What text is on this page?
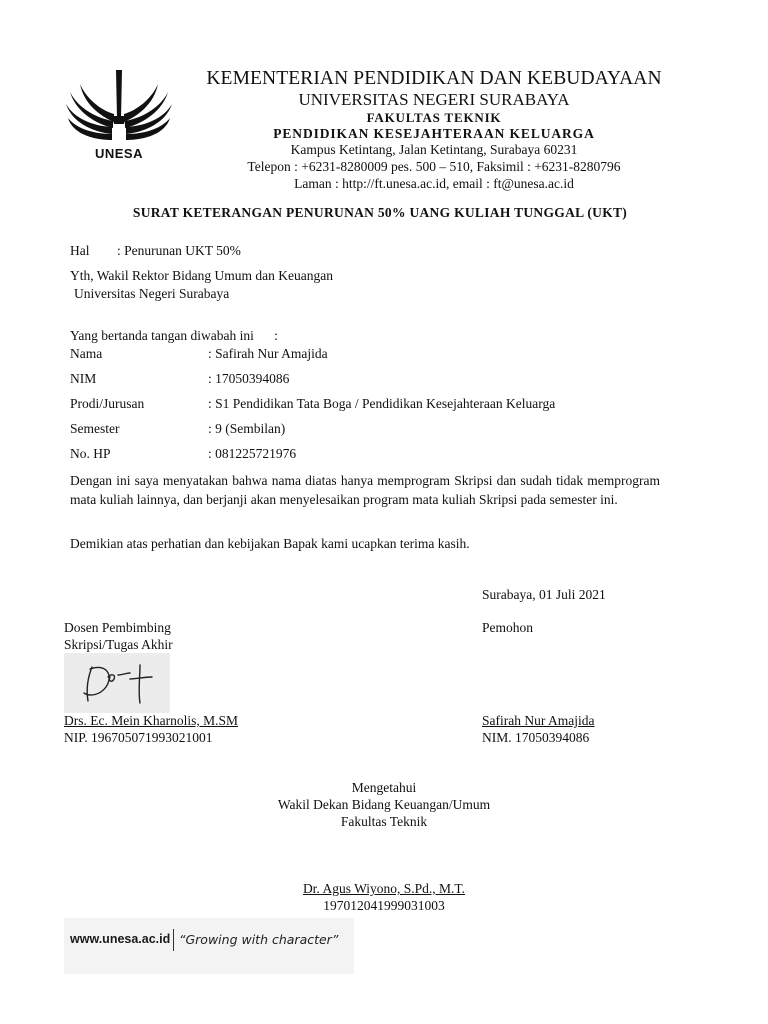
UNESA
KEMENTERIAN PENDIDIKAN DAN KEBUDAYAAN
UNIVERSITAS NEGERI SURABAYA
FAKULTAS TEKNIK
PENDIDIKAN KESEJAHTERAAN KELUARGA
Kampus Ketintang, Jalan Ketintang, Surabaya 60231
Telepon : +6231-8280009 pes. 500 – 510, Faksimil : +6231-8280796
Laman : http://ft.unesa.ac.id, email : ft@unesa.ac.id
SURAT KETERANGAN PENURUNAN 50% UANG KULIAH TUNGGAL (UKT)
Hal : Penurunan UKT 50%
Yth, Wakil Rektor Bidang Umum dan Keuangan
Universitas Negeri Surabaya
Yang bertanda tangan diwabah ini      :
Nama	: Safirah Nur Amajida
NIM	: 17050394086
Prodi/Jurusan	: S1 Pendidikan Tata Boga / Pendidikan Kesejahteraan Keluarga
Semester	: 9 (Sembilan)
No. HP	: 081225721976
Dengan ini saya menyatakan bahwa nama diatas hanya memprogram Skripsi dan sudah tidak memprogram mata kuliah lainnya, dan berjanji akan menyelesaikan program mata kuliah Skripsi pada semester ini.
Demikian atas perhatian dan kebijakan Bapak kami ucapkan terima kasih.
Surabaya, 01 Juli 2021
Dosen Pembimbing
Skripsi/Tugas Akhir
Drs. Ec. Mein Kharnolis, M.SM
NIP. 196705071993021001
Pemohon
Safirah Nur Amajida
NIM. 17050394086
Mengetahui
Wakil Dekan Bidang Keuangan/Umum
Fakultas Teknik
Dr. Agus Wiyono, S.Pd., M.T.
197012041999031003
www.unesa.ac.id “Growing with character”
